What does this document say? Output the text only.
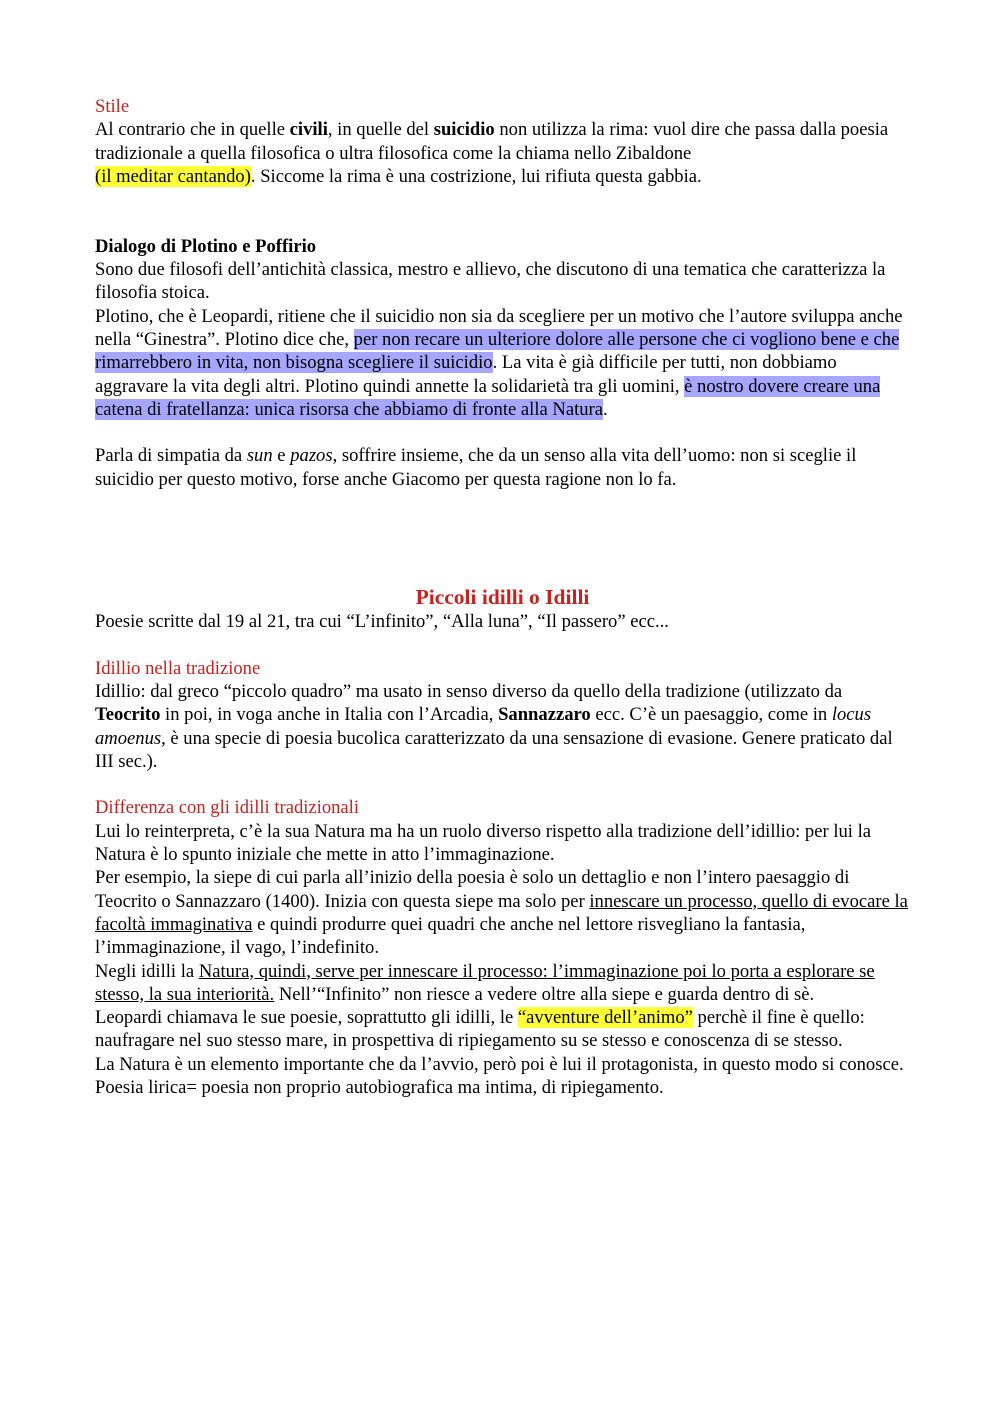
Stile

Al contrario che in quelle civili, in quelle del suicidio non utilizza la rima: vuol dire che passa dalla poesia tradizionale a quella filosofica o ultra filosofica come la chiama nello Zibaldone
(il meditar cantando). Siccome la rima è una costrizione, lui rifiuta questa gabbia.

Dialogo di Plotino e Poffirio

Sono due filosofi dell’antichità classica, mestro e allievo, che discutono di una tematica che caratterizza la filosofia stoica.

Plotino, che è Leopardi, ritiene che il suicidio non sia da scegliere per un motivo che l’autore sviluppa anche nella “Ginestra”. Plotino dice che, per non recare un ulteriore dolore alle persone che ci vogliono bene e che rimarrebbero in vita, non bisogna scegliere il suicidio. La vita è già difficile per tutti, non dobbiamo aggravare la vita degli altri. Plotino quindi annette la solidarietà tra gli uomini, è nostro dovere creare una catena di fratellanza: unica risorsa che abbiamo di fronte alla Natura.

Parla di simpatia da sun e pazos, soffrire insieme, che da un senso alla vita dell’uomo: non si sceglie il suicidio per questo motivo, forse anche Giacomo per questa ragione non lo fa.

Piccoli idilli o Idilli

Poesie scritte dal 19 al 21, tra cui “L’infinito”, “Alla luna”, “Il passero” ecc...

Idillio nella tradizione

Idillio: dal greco “piccolo quadro” ma usato in senso diverso da quello della tradizione (utilizzato da Teocrito in poi, in voga anche in Italia con l’Arcadia, Sannazzaro ecc. C’è un paesaggio, come in locus amoenus, è una specie di poesia bucolica caratterizzato da una sensazione di evasione. Genere praticato dal III sec.).

Differenza con gli idilli tradizionali

Lui lo reinterpreta, c’è la sua Natura ma ha un ruolo diverso rispetto alla tradizione dell’idillio: per lui la Natura è lo spunto iniziale che mette in atto l’immaginazione.

Per esempio, la siepe di cui parla all’inizio della poesia è solo un dettaglio e non l’intero paesaggio di Teocrito o Sannazzaro (1400). Inizia con questa siepe ma solo per innescare un processo, quello di evocare la facoltà immaginativa e quindi produrre quei quadri che anche nel lettore risvegliano la fantasia, l’immaginazione, il vago, l’indefinito.

Negli idilli la Natura, quindi, serve per innescare il processo: l’immaginazione poi lo porta a esplorare se stesso, la sua interiorità. Nell’“Infinito” non riesce a vedere oltre alla siepe e guarda dentro di sè.

Leopardi chiamava le sue poesie, soprattutto gli idilli, le “avventure dell’animo” perchè il fine è quello: naufragare nel suo stesso mare, in prospettiva di ripiegamento su se stesso e conoscenza di se stesso.

La Natura è un elemento importante che da l’avvio, però poi è lui il protagonista, in questo modo si conosce.

Poesia lirica= poesia non proprio autobiografica ma intima, di ripiegamento.
